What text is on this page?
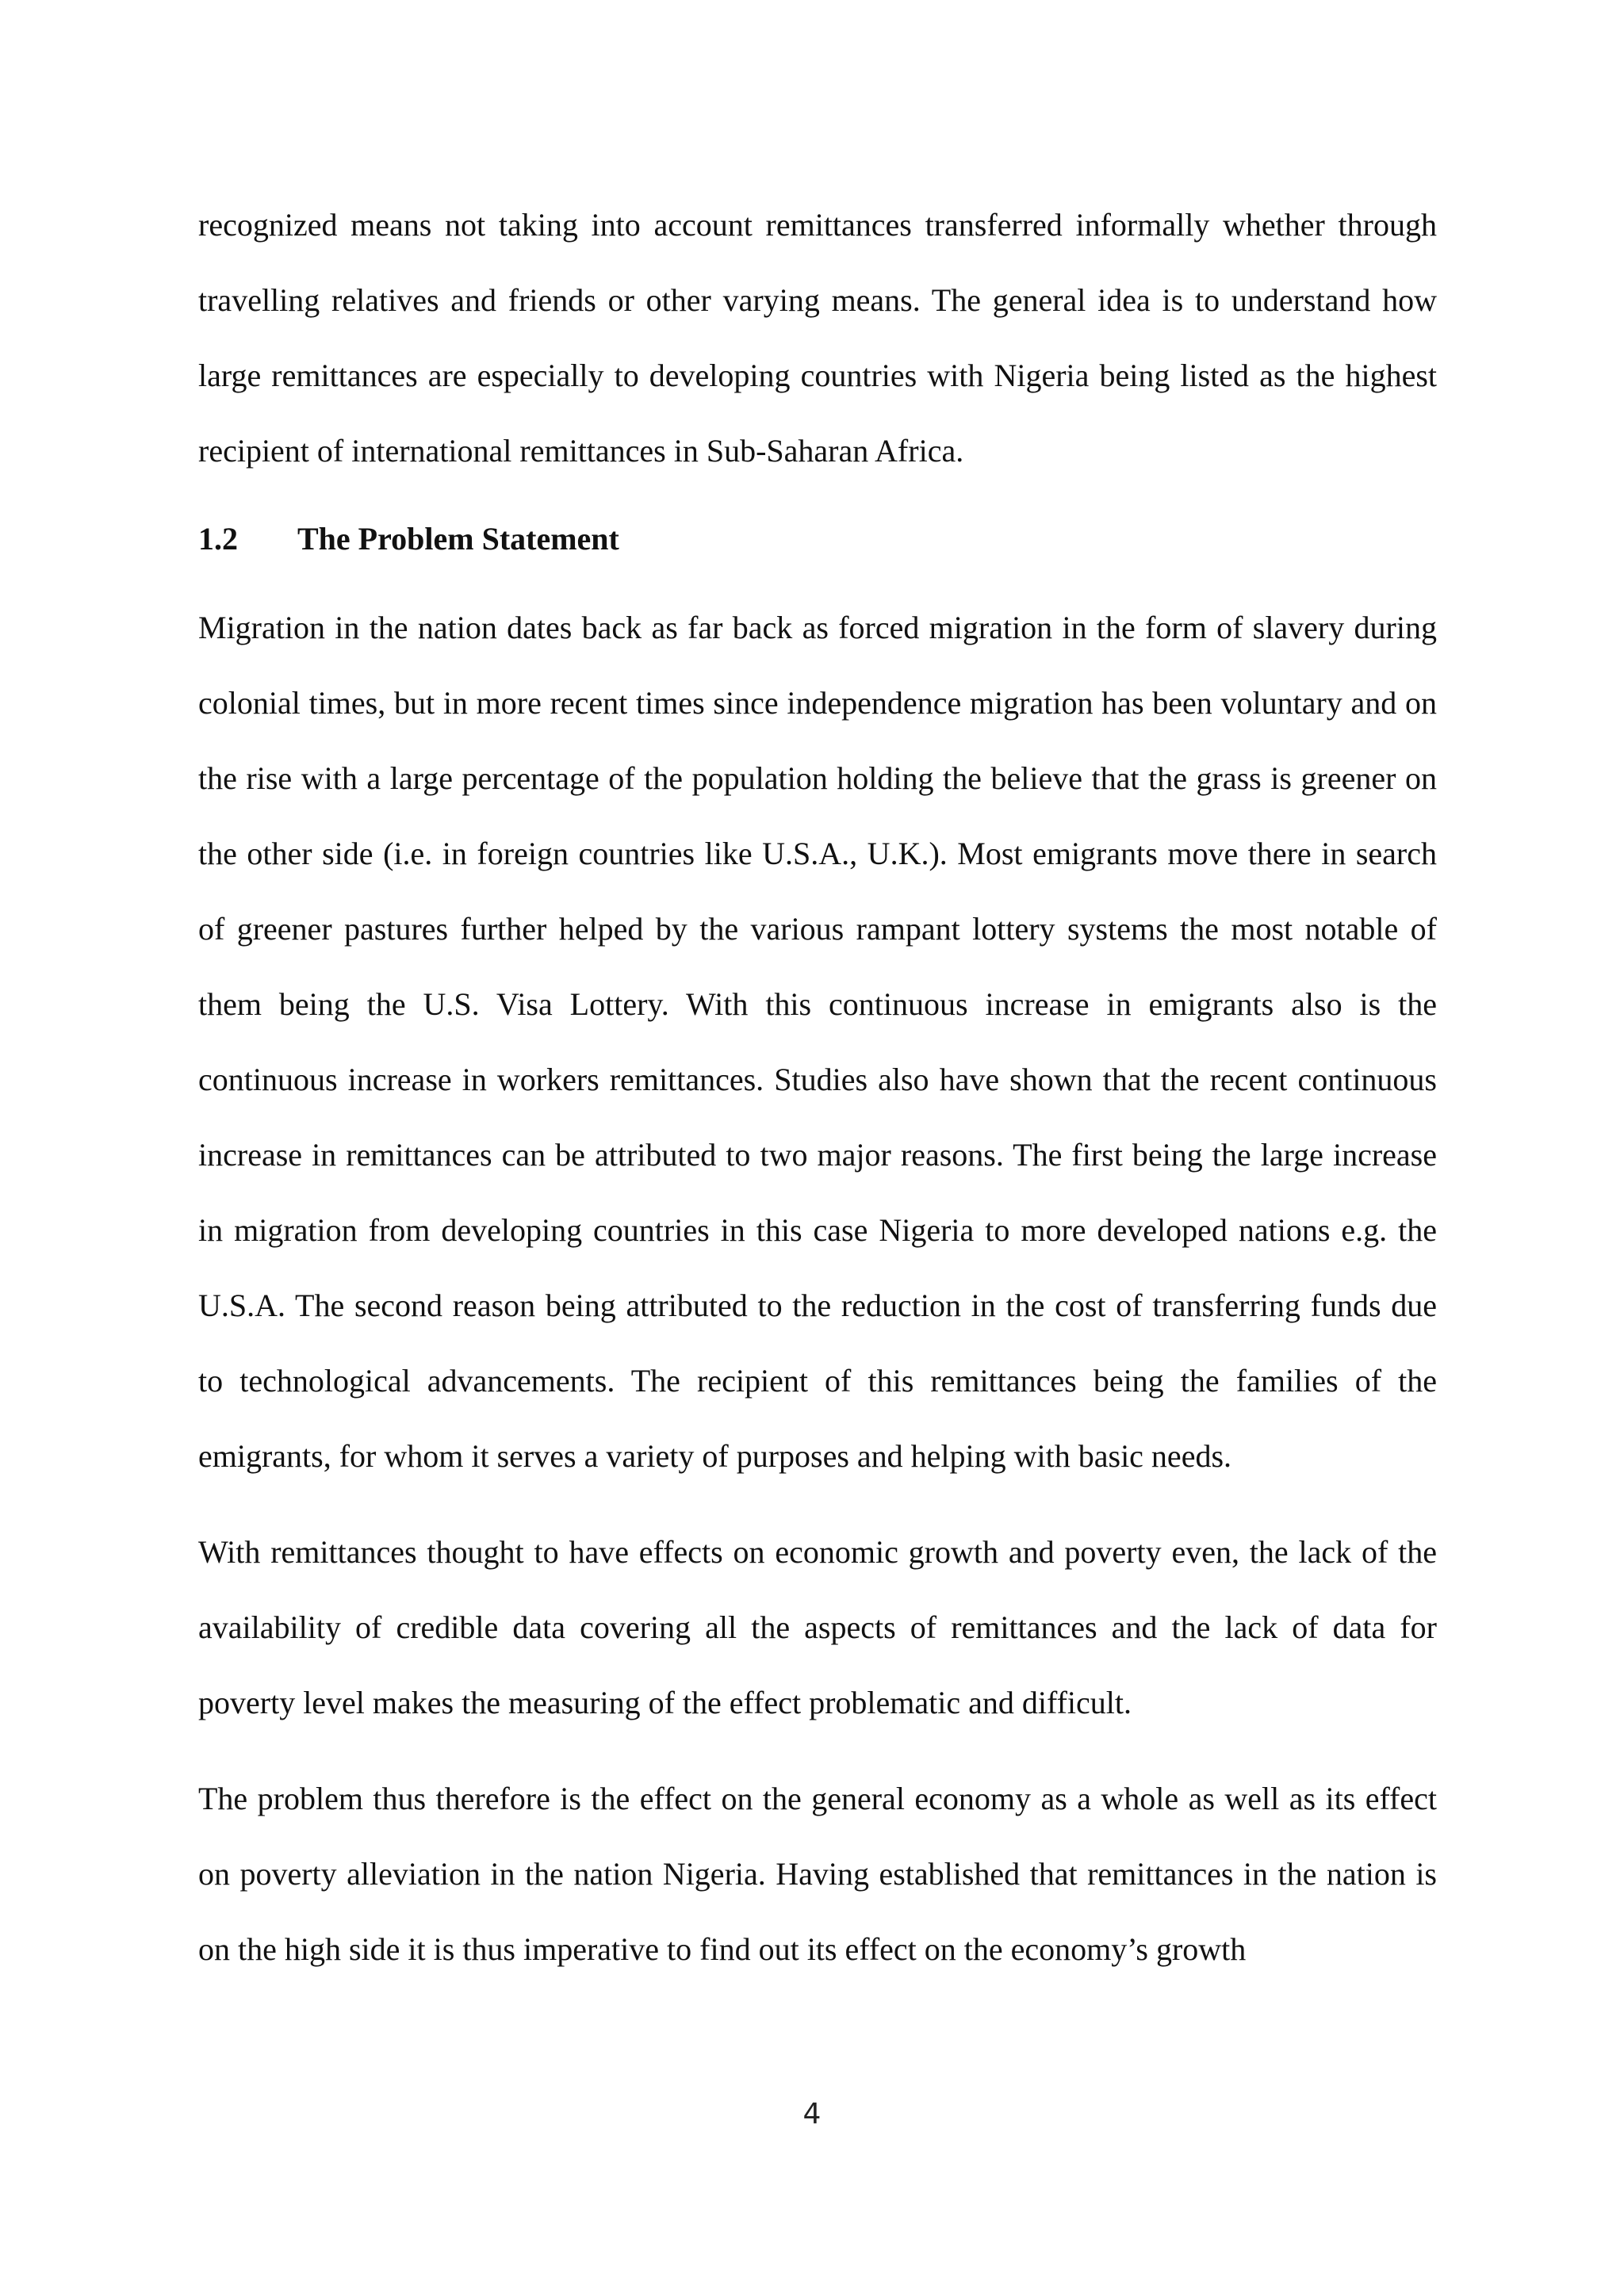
recognized means not taking into account remittances transferred informally whether through travelling relatives and friends or other varying means. The general idea is to understand how large remittances are especially to developing countries with Nigeria being listed as the highest recipient of international remittances in Sub-Saharan Africa.

1.2	The Problem Statement

Migration in the nation dates back as far back as forced migration in the form of slavery during colonial times, but in more recent times since independence migration has been voluntary and on the rise with a large percentage of the population holding the believe that the grass is greener on the other side (i.e. in foreign countries like U.S.A., U.K.). Most emigrants move there in search of greener pastures further helped by the various rampant lottery systems the most notable of them being the U.S. Visa Lottery. With this continuous increase in emigrants also is the continuous increase in workers remittances. Studies also have shown that the recent continuous increase in remittances can be attributed to two major reasons. The first being the large increase in migration from developing countries in this case Nigeria to more developed nations e.g. the U.S.A. The second reason being attributed to the reduction in the cost of transferring funds due to technological advancements. The recipient of this remittances being the families of the emigrants, for whom it serves a variety of purposes and helping with basic needs.

With remittances thought to have effects on economic growth and poverty even, the lack of the availability of credible data covering all the aspects of remittances and the lack of data for poverty level makes the measuring of the effect problematic and difficult.

The problem thus therefore is the effect on the general economy as a whole as well as its effect on poverty alleviation in the nation Nigeria. Having established that remittances in the nation is on the high side it is thus imperative to find out its effect on the economy’s growth

4
